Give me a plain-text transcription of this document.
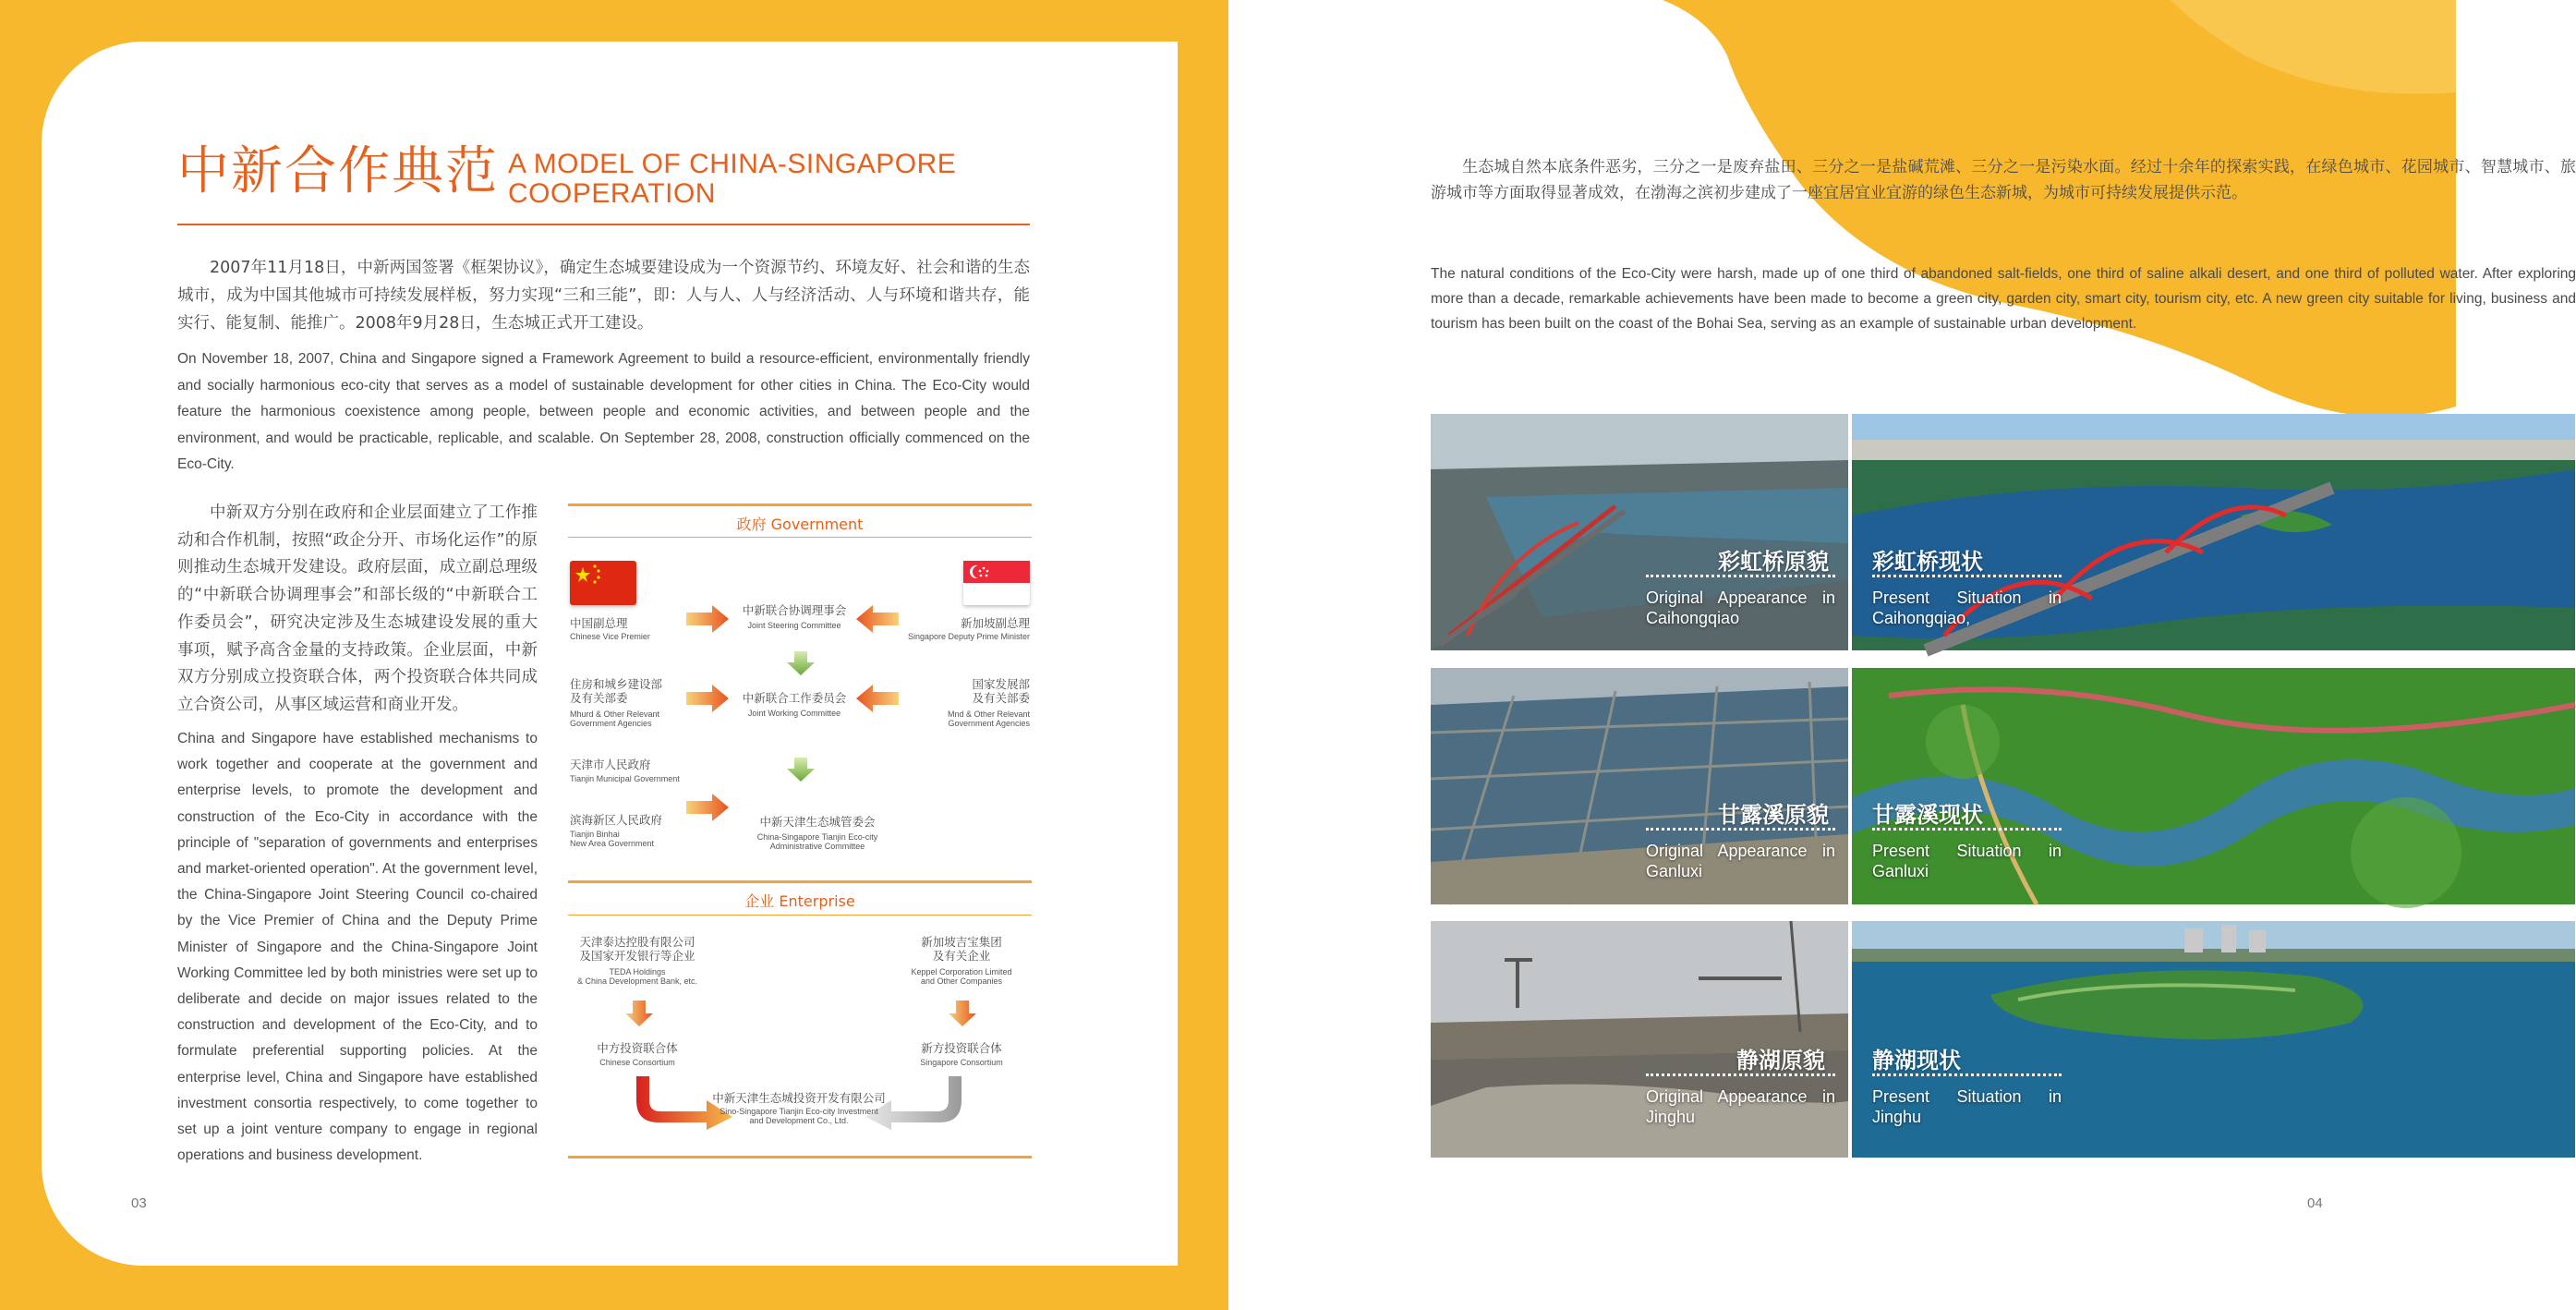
中新合作典范 A MODEL OF CHINA-SINGAPORE
COOPERATION
2007年11月18日，中新两国签署《框架协议》，确定生态城要建设成为一个资源节约、环境友好、社会和谐的生态城市，成为中国其他城市可持续发展样板，努力实现“三和三能”，即：人与人、人与经济活动、人与环境和谐共存，能实行、能复制、能推广。2008年9月28日，生态城正式开工建设。
On November 18, 2007, China and Singapore signed a Framework Agreement to build a resource-efficient, environmentally friendly and socially harmonious eco-city that serves as a model of sustainable development for other cities in China. The Eco-City would feature the harmonious coexistence among people, between people and economic activities, and between people and the environment, and would be practicable, replicable, and scalable. On September 28, 2008, construction officially commenced on the Eco-City.
中新双方分别在政府和企业层面建立了工作推动和合作机制，按照“政企分开、市场化运作”的原则推动生态城开发建设。政府层面，成立副总理级的“中新联合协调理事会”和部长级的“中新联合工作委员会”，研究决定涉及生态城建设发展的重大事项，赋予高含金量的支持政策。企业层面，中新双方分别成立投资联合体，两个投资联合体共同成立合资公司，从事区域运营和商业开发。
China and Singapore have established mechanisms to work together and cooperate at the government and enterprise levels, to promote the development and construction of the Eco-City in accordance with the principle of "separation of governments and enterprises and market-oriented operation". At the government level, the China-Singapore Joint Steering Council co-chaired by the Vice Premier of China and the Deputy Prime Minister of Singapore and the China-Singapore Joint Working Committee led by both ministries were set up to deliberate and decide on major issues related to the construction and development of the Eco-City, and to formulate preferential supporting policies. At the enterprise level, China and Singapore have established investment consortia respectively, to come together to set up a joint venture company to engage in regional operations and business development.
政府 Government
中国副总理
Chinese Vice Premier
新加坡副总理
Singapore Deputy Prime Minister
中新联合协调理事会
Joint Steering Committee
住房和城乡建设部
及有关部委
Mhurd & Other Relevant
Government Agencies
国家发展部
及有关部委
Mnd & Other Relevant
Government Agencies
中新联合工作委员会
Joint Working Committee
天津市人民政府
Tianjin Municipal Government
滨海新区人民政府
Tianjin Binhai
New Area Government
中新天津生态城管委会
China-Singapore Tianjin Eco-city
Administrative Committee
企业 Enterprise
天津泰达控股有限公司
及国家开发银行等企业
TEDA Holdings
& China Development Bank, etc.
新加坡吉宝集团
及有关企业
Keppel Corporation Limited
and Other Companies
中方投资联合体
Chinese Consortium
新方投资联合体
Singapore Consortium
中新天津生态城投资开发有限公司
Sino-Singapore Tianjin Eco-city Investment
and Development Co., Ltd.
03
生态城自然本底条件恶劣，三分之一是废弃盐田、三分之一是盐碱荒滩、三分之一是污染水面。经过十余年的探索实践，在绿色城市、花园城市、智慧城市、旅游城市等方面取得显著成效，在渤海之滨初步建成了一座宜居宜业宜游的绿色生态新城，为城市可持续发展提供示范。
The natural conditions of the Eco-City were harsh, made up of one third of abandoned salt-fields, one third of saline alkali desert, and one third of polluted water. After exploring more than a decade, remarkable achievements have been made to become a green city, garden city, smart city, tourism city, etc. A new green city suitable for living, business and tourism has been built on the coast of the Bohai Sea, serving as an example of sustainable urban development.
彩虹桥原貌
Original Appearance in Caihongqiao
彩虹桥现状
Present Situation in Caihongqiao,
甘露溪原貌
Original Appearance in Ganluxi
甘露溪现状
Present Situation in Ganluxi
静湖原貌
Original Appearance in Jinghu
静湖现状
Present Situation in Jinghu
04
